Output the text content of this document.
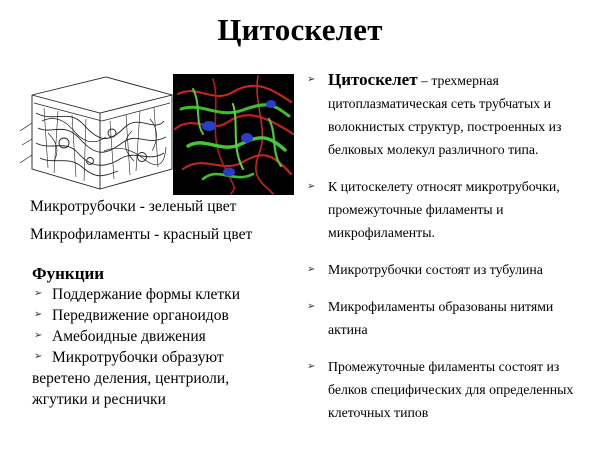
Цитоскелет
Микротрубочки - зеленый цвет
Микрофиламенты - красный цвет
Функции
➢ Поддержание формы клетки
➢ Передвижение органоидов
➢ Амебоидные движения
➢ Микротрубочки образуют
веретено деления, центриоли,
жгутики и реснички
➢ Цитоскелет – трехмерная цитоплазматическая сеть трубчатых и волокнистых структур, построенных из белковых молекул различного типа.
➢ К цитоскелету относят микротрубочки, промежуточные филаменты и микрофиламенты.
➢ Микротрубочки состоят из тубулина
➢ Микрофиламенты образованы нитями актина
➢ Промежуточные филаменты состоят из белков специфических для определенных клеточных типов
